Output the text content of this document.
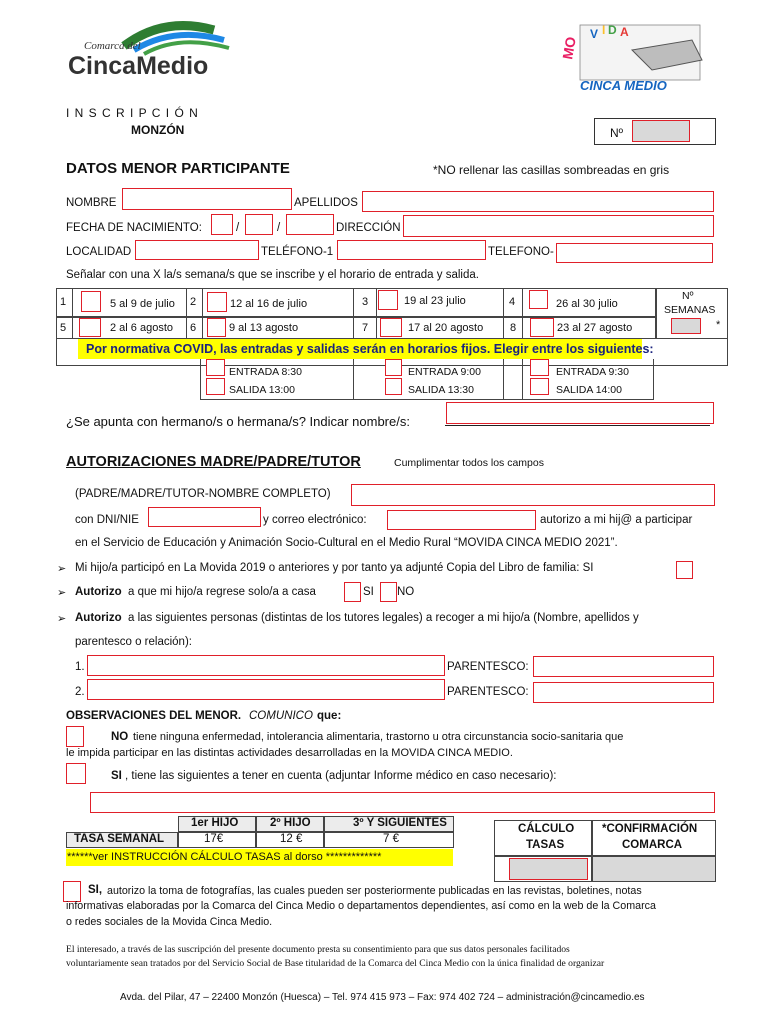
Comarca del
CincaMedio
MO
V I D A
CINCA MEDIO
I N S C R I P C I Ó N
MONZÓN	Nº
DATOS MENOR PARTICIPANTE	*NO rellenar las casillas sombreadas en gris
NOMBRE	APELLIDOS
FECHA DE NACIMIENTO:	/	/	DIRECCIÓN
LOCALIDAD	TELÉFONO-1	TELEFONO-
Señalar con una X la/s semana/s que se inscribe y el horario de entrada y salida.
1	5 al 9 de julio 2	12 al 16 de julio	3	19 al 23 julio	4	26 al 30 julio
5	2 al 6 agosto 6	9 al 13 agosto	7	17 al 20 agosto 8	23 al 27 agosto
Nº
SEMANAS
*
Por normativa COVID, las entradas y salidas serán en horarios fijos. Elegir entre los siguientes:
ENTRADA 8:30
SALIDA 13:00
ENTRADA 9:00
SALIDA 13:30
ENTRADA 9:30
SALIDA 14:00
¿Se apunta con hermano/s o hermana/s? Indicar nombre/s:
AUTORIZACIONES MADRE/PADRE/TUTOR	Cumplimentar todos los campos
(PADRE/MADRE/TUTOR-NOMBRE COMPLETO)
con DNI/NIE	y correo electrónico:	autorizo a mi hij@ a participar
en el Servicio de Educación y Animación Socio-Cultural en el Medio Rural “MOVIDA CINCA MEDIO 2021”.
➢ Mi hijo/a participó en La Movida 2019 o anteriores y por tanto ya adjunté Copia del Libro de familia: SI
➢ Autorizo a que mi hijo/a regrese solo/a a casa	SI NO
➢ Autorizo a las siguientes personas (distintas de los tutores legales) a recoger a mi hijo/a (Nombre, apellidos y
parentesco o relación):
1.	PARENTESCO:
2.	PARENTESCO:
OBSERVACIONES DEL MENOR. COMUNICO que:
NO tiene ninguna enfermedad, intolerancia alimentaria, trastorno u otra circunstancia socio-sanitaria que
le impida participar en las distintas actividades desarrolladas en la MOVIDA CINCA MEDIO.
SI , tiene las siguientes a tener en cuenta (adjuntar Informe médico en caso necesario):
1er HIJO	2º HIJO	3º Y SIGUIENTES
TASA SEMANAL	17€	12 €	7 €
******ver INSTRUCCIÓN CÁLCULO TASAS al dorso *************
CÁLCULO
TASAS
*CONFIRMACIÓN
COMARCA
SI, autorizo la toma de fotografías, las cuales pueden ser posteriormente publicadas en las revistas, boletines, notas
informativas elaboradas por la Comarca del Cinca Medio o departamentos dependientes, así como en la web de la Comarca
o redes sociales de la Movida Cinca Medio.
El interesado, a través de las suscripción del presente documento presta su consentimiento para que sus datos personales facilitados
voluntariamente sean tratados por del Servicio Social de Base titularidad de la Comarca del Cinca Medio con la única finalidad de organizar
Avda. del Pilar, 47 – 22400 Monzón (Huesca) – Tel. 974 415 973 – Fax: 974 402 724 – administración@cincamedio.es
